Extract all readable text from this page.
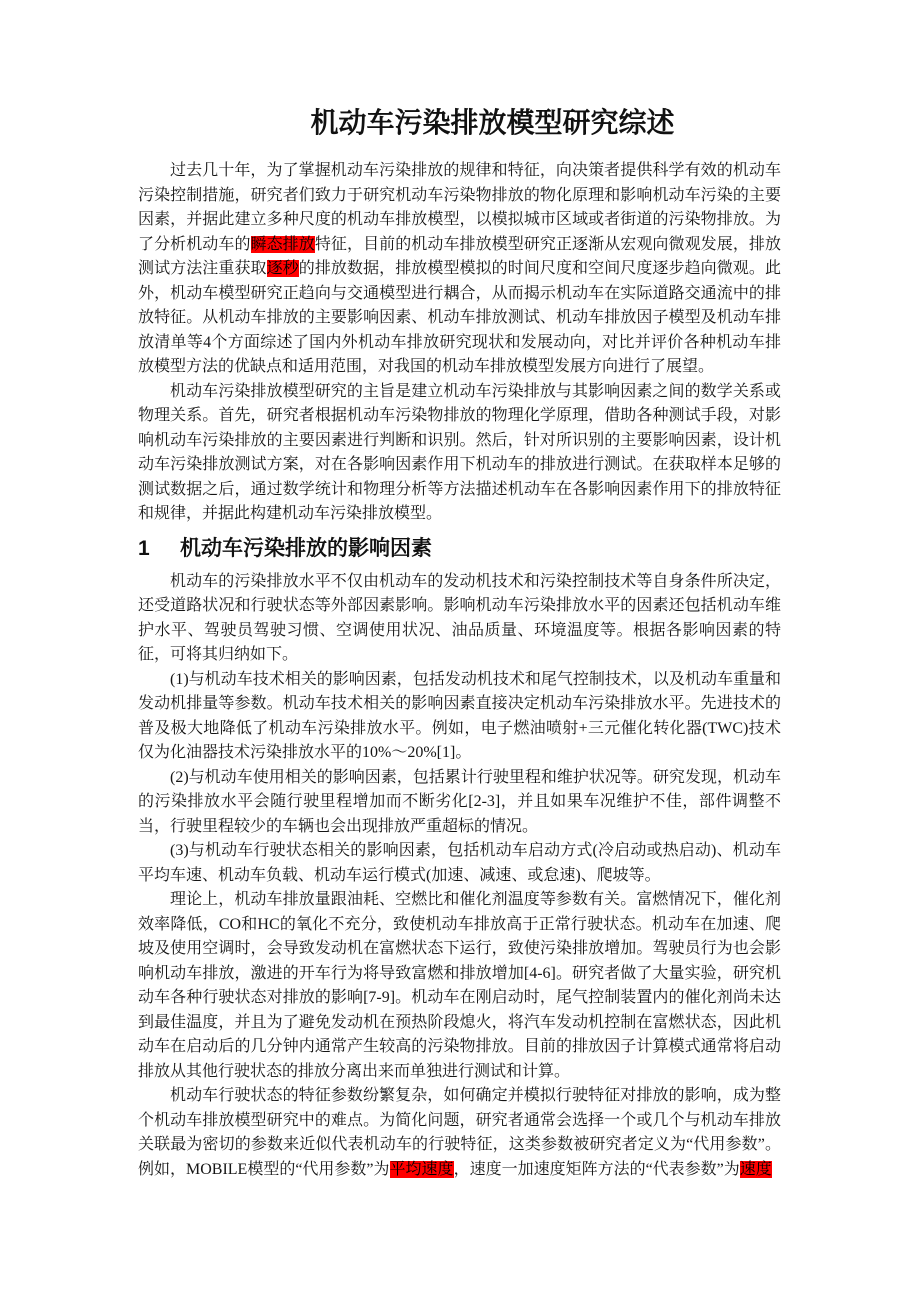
机动车污染排放模型研究综述

过去几十年，为了掌握机动车污染排放的规律和特征，向决策者提供科学有效的机动车污染控制措施，研究者们致力于研究机动车污染物排放的物化原理和影响机动车污染的主要因素，并据此建立多种尺度的机动车排放模型，以模拟城市区域或者街道的污染物排放。为了分析机动车的瞬态排放特征，目前的机动车排放模型研究正逐渐从宏观向微观发展，排放测试方法注重获取逐秒的排放数据，排放模型模拟的时间尺度和空间尺度逐步趋向微观。此外，机动车模型研究正趋向与交通模型进行耦合，从而揭示机动车在实际道路交通流中的排放特征。从机动车排放的主要影响因素、机动车排放测试、机动车排放因子模型及机动车排放清单等4个方面综述了国内外机动车排放研究现状和发展动向，对比并评价各种机动车排放模型方法的优缺点和适用范围，对我国的机动车排放模型发展方向进行了展望。

机动车污染排放模型研究的主旨是建立机动车污染排放与其影响因素之间的数学关系或物理关系。首先，研究者根据机动车污染物排放的物理化学原理，借助各种测试手段，对影响机动车污染排放的主要因素进行判断和识别。然后，针对所识别的主要影响因素，设计机动车污染排放测试方案，对在各影响因素作用下机动车的排放进行测试。在获取样本足够的测试数据之后，通过数学统计和物理分析等方法描述机动车在各影响因素作用下的排放特征和规律，并据此构建机动车污染排放模型。

1	机动车污染排放的影响因素

机动车的污染排放水平不仅由机动车的发动机技术和污染控制技术等自身条件所决定，还受道路状况和行驶状态等外部因素影响。影响机动车污染排放水平的因素还包括机动车维护水平、驾驶员驾驶习惯、空调使用状况、油品质量、环境温度等。根据各影响因素的特征，可将其归纳如下。

(1)与机动车技术相关的影响因素，包括发动机技术和尾气控制技术，以及机动车重量和发动机排量等参数。机动车技术相关的影响因素直接决定机动车污染排放水平。先进技术的普及极大地降低了机动车污染排放水平。例如，电子燃油喷射+三元催化转化器(TWC)技术仅为化油器技术污染排放水平的10%～20%[1]。

(2)与机动车使用相关的影响因素，包括累计行驶里程和维护状况等。研究发现，机动车的污染排放水平会随行驶里程增加而不断劣化[2-3]，并且如果车况维护不佳，部件调整不当，行驶里程较少的车辆也会出现排放严重超标的情况。

(3)与机动车行驶状态相关的影响因素，包括机动车启动方式(冷启动或热启动)、机动车平均车速、机动车负载、机动车运行模式(加速、减速、或怠速)、爬坡等。

理论上，机动车排放量跟油耗、空燃比和催化剂温度等参数有关。富燃情况下，催化剂效率降低，CO和HC的氧化不充分，致使机动车排放高于正常行驶状态。机动车在加速、爬坡及使用空调时，会导致发动机在富燃状态下运行，致使污染排放增加。驾驶员行为也会影响机动车排放，激进的开车行为将导致富燃和排放增加[4-6]。研究者做了大量实验，研究机动车各种行驶状态对排放的影响[7-9]。机动车在刚启动时，尾气控制装置内的催化剂尚未达到最佳温度，并且为了避免发动机在预热阶段熄火，将汽车发动机控制在富燃状态，因此机动车在启动后的几分钟内通常产生较高的污染物排放。目前的排放因子计算模式通常将启动排放从其他行驶状态的排放分离出来而单独进行测试和计算。

机动车行驶状态的特征参数纷繁复杂，如何确定并模拟行驶特征对排放的影响，成为整个机动车排放模型研究中的难点。为简化问题，研究者通常会选择一个或几个与机动车排放关联最为密切的参数来近似代表机动车的行驶特征，这类参数被研究者定义为“代用参数”。例如，MOBILE模型的“代用参数”为平均速度，速度一加速度矩阵方法的“代表参数”为速度
